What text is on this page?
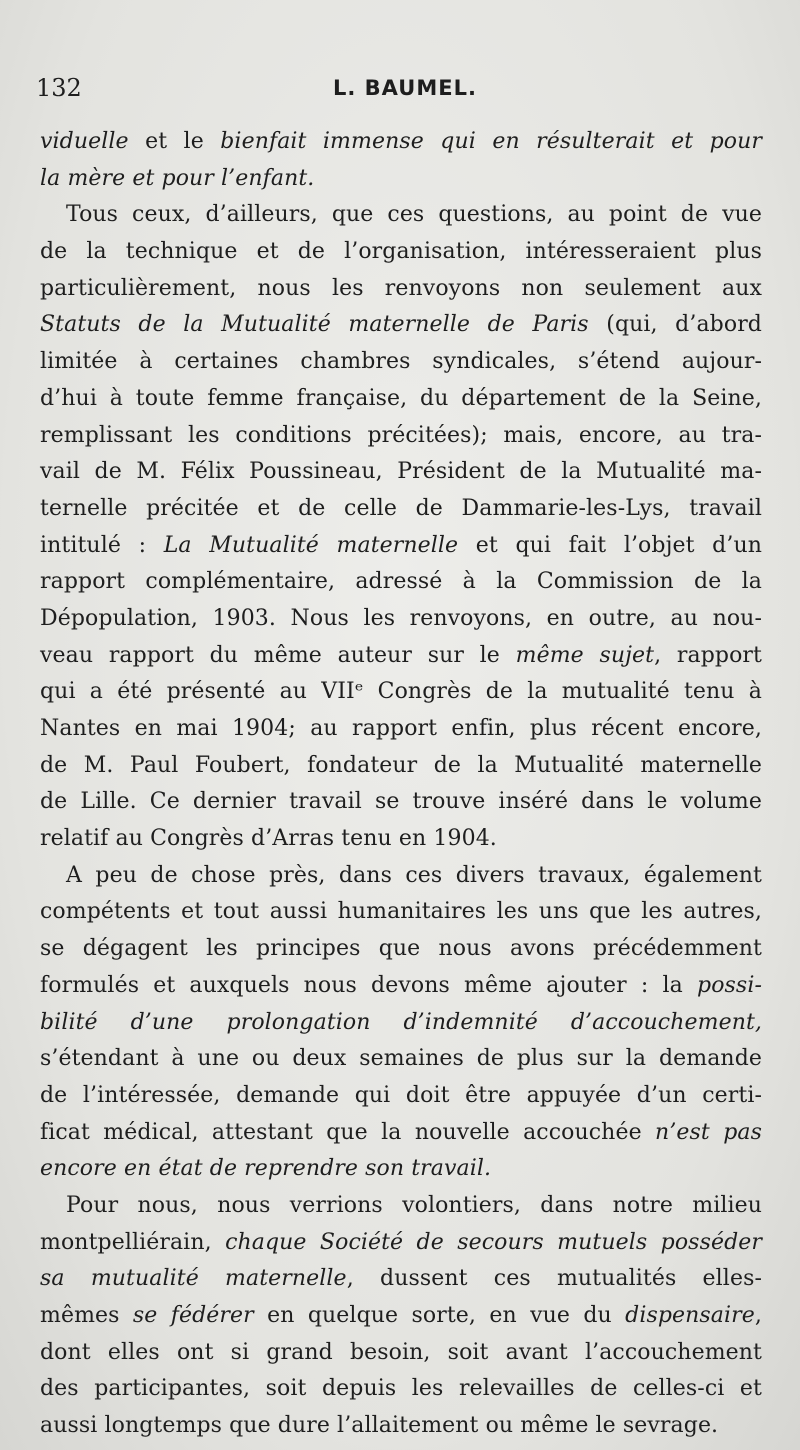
132	L. BAUMEL.
viduelle et le bienfait immense qui en résulterait et pour
la mère et pour l’enfant.
Tous ceux, d’ailleurs, que ces questions, au point de vue
de la technique et de l’organisation, intéresseraient plus
particulièrement, nous les renvoyons non seulement aux
Statuts de la Mutualité maternelle de Paris (qui, d’abord
limitée à certaines chambres syndicales, s’étend aujour-
d’hui à toute femme française, du département de la Seine,
remplissant les conditions précitées); mais, encore, au tra-
vail de M. Félix Poussineau, Président de la Mutualité ma-
ternelle précitée et de celle de Dammarie-les-Lys, travail
intitulé : La Mutualité maternelle et qui fait l’objet d’un
rapport complémentaire, adressé à la Commission de la
Dépopulation, 1903. Nous les renvoyons, en outre, au nou-
veau rapport du même auteur sur le même sujet, rapport
qui a été présenté au VIIᵉ Congrès de la mutualité tenu à
Nantes en mai 1904; au rapport enfin, plus récent encore,
de M. Paul Foubert, fondateur de la Mutualité maternelle
de Lille. Ce dernier travail se trouve inséré dans le volume
relatif au Congrès d’Arras tenu en 1904.
A peu de chose près, dans ces divers travaux, également
compétents et tout aussi humanitaires les uns que les autres,
se dégagent les principes que nous avons précédemment
formulés et auxquels nous devons même ajouter : la possi-
bilité d’une prolongation d’indemnité d’accouchement,
s’étendant à une ou deux semaines de plus sur la demande
de l’intéressée, demande qui doit être appuyée d’un certi-
ficat médical, attestant que la nouvelle accouchée n’est pas
encore en état de reprendre son travail.
Pour nous, nous verrions volontiers, dans notre milieu
montpelliérain, chaque Société de secours mutuels posséder
sa mutualité maternelle, dussent ces mutualités elles-
mêmes se fédérer en quelque sorte, en vue du dispensaire,
dont elles ont si grand besoin, soit avant l’accouchement
des participantes, soit depuis les relevailles de celles-ci et
aussi longtemps que dure l’allaitement ou même le sevrage.
